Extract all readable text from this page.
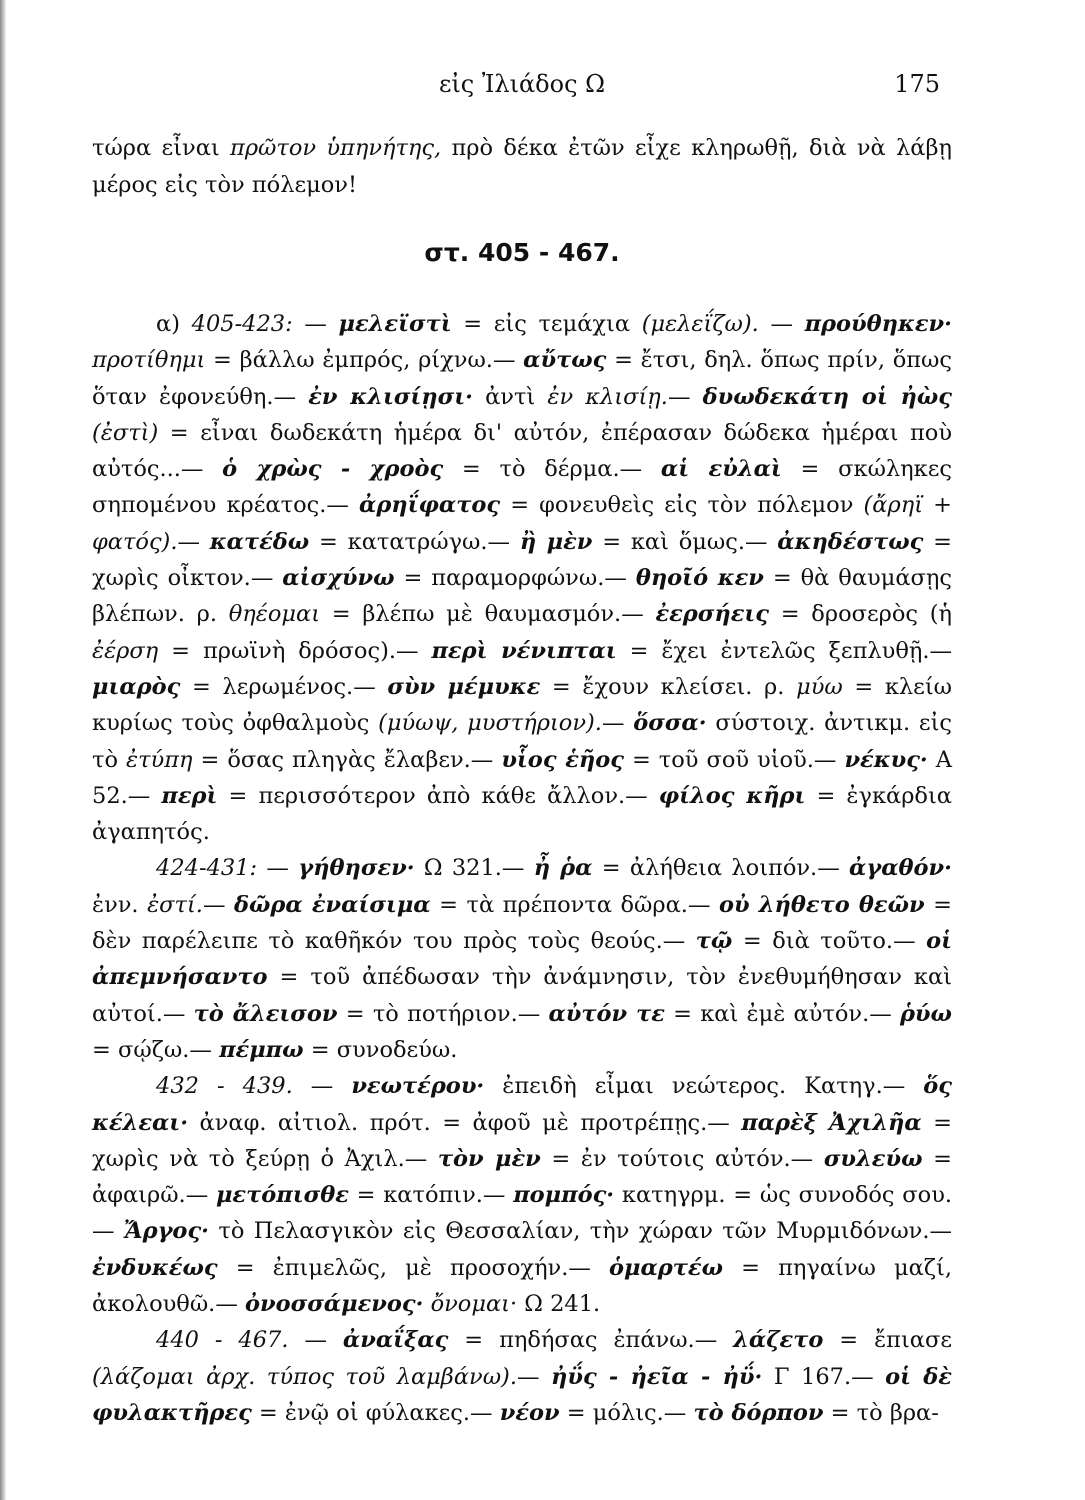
εἰς Ἰλιάδος Ω	175
τώρα εἶναι πρῶτον ὑπηνήτης, πρὸ δέκα ἐτῶν εἶχε κληρωθῇ, διὰ νὰ λάβῃ μέρος εἰς τὸν πόλεμον!
στ. 405 - 467.

α) 405-423: — μελεϊστὶ = εἰς τεμάχια (μελεΐζω). — προύθηκεν· προτίθημι = βάλλω ἐμπρός, ρίχνω.— αὔτως = ἔτσι, δηλ. ὅπως πρίν, ὅπως ὅταν ἐφονεύθη.— ἐν κλισίῃσι· ἀντὶ ἐν κλισίῃ.— δυωδεκάτη οἱ ἠὼς (ἐστὶ) = εἶναι δωδεκάτη ἡμέρα δι' αὐτόν, ἐπέρασαν δώδεκα ἡμέραι ποὺ αὐτός...— ὁ χρὼς - χροὸς = τὸ δέρμα.— αἱ εὐλαὶ = σκώληκες σηπομένου κρέατος.— ἀρηΐφατος = φονευθεὶς εἰς τὸν πόλεμον (ἄρηϊ + φατός).— κατέδω = κατατρώγω.— ἢ μὲν = καὶ ὅμως.— ἀκηδέστως = χωρὶς οἶκτον.— αἰσχύνω = παραμορφώνω.— θηοῖό κεν = θὰ θαυμάσῃς βλέπων. ρ. θηέομαι = βλέπω μὲ θαυμασμόν.— ἐερσήεις = δροσερὸς (ἡ ἐέρση = πρωϊνὴ δρόσος).— περὶ νένιπται = ἔχει ἐντελῶς ξεπλυθῇ.— μιαρὸς = λερωμένος.— σὺν μέμυκε = ἔχουν κλείσει. ρ. μύω = κλείω κυρίως τοὺς ὀφθαλμοὺς (μύωψ, μυστήριον).— ὅσσα· σύστοιχ. ἀντικμ. εἰς τὸ ἐτύπη = ὅσας πληγὰς ἔλαβεν.— υἷος ἑῆος = τοῦ σοῦ υἱοῦ.— νέκυς· Α 52.— περὶ = περισσότερον ἀπὸ κάθε ἄλλον.— φίλος κῆρι = ἐγκάρδια ἀγαπητός.

424-431: — γήθησεν· Ω 321.— ἦ ῥα = ἀλήθεια λοιπόν.— ἀγαθόν· ἐνν. ἐστί.— δῶρα ἐναίσιμα = τὰ πρέποντα δῶρα.— οὐ λήθετο θεῶν = δὲν παρέλειπε τὸ καθῆκόν του πρὸς τοὺς θεούς.— τῷ = διὰ τοῦτο.— οἱ ἀπεμνήσαντο = τοῦ ἀπέδωσαν τὴν ἀνάμνησιν, τὸν ἐνεθυμήθησαν καὶ αὐτοί.— τὸ ἄλεισον = τὸ ποτήριον.— αὐτόν τε = καὶ ἐμὲ αὐτόν.— ῥύω = σῴζω.— πέμπω = συνοδεύω.

432 - 439. — νεωτέρου· ἐπειδὴ εἶμαι νεώτερος. Κατηγ.— ὅς κέλεαι· ἀναφ. αἰτιολ. πρότ. = ἀφοῦ μὲ προτρέπῃς.— παρὲξ Ἀχιλῆα = χωρὶς νὰ τὸ ξεύρῃ ὁ Ἀχιλ.— τὸν μὲν = ἐν τούτοις αὐτόν.— συλεύω = ἀφαιρῶ.— μετόπισθε = κατόπιν.— πομπός· κατηγρμ. = ὡς συνοδός σου.— Ἄργος· τὸ Πελασγικὸν εἰς Θεσσαλίαν, τὴν χώραν τῶν Μυρμιδόνων.— ἐνδυκέως = ἐπιμελῶς, μὲ προσοχήν.— ὁμαρτέω = πηγαίνω μαζί, ἀκολουθῶ.— ὀνοσσάμενος· ὄνομαι· Ω 241.

440 - 467. — ἀναΐξας = πηδήσας ἐπάνω.— λάζετο = ἔπιασε (λάζομαι ἀρχ. τύπος τοῦ λαμβάνω).— ἠΰς - ἠεῖα - ἠΰ· Γ 167.— οἱ δὲ φυλακτῆρες = ἐνῷ οἱ φύλακες.— νέον = μόλις.— τὸ δόρπον = τὸ βρα-
